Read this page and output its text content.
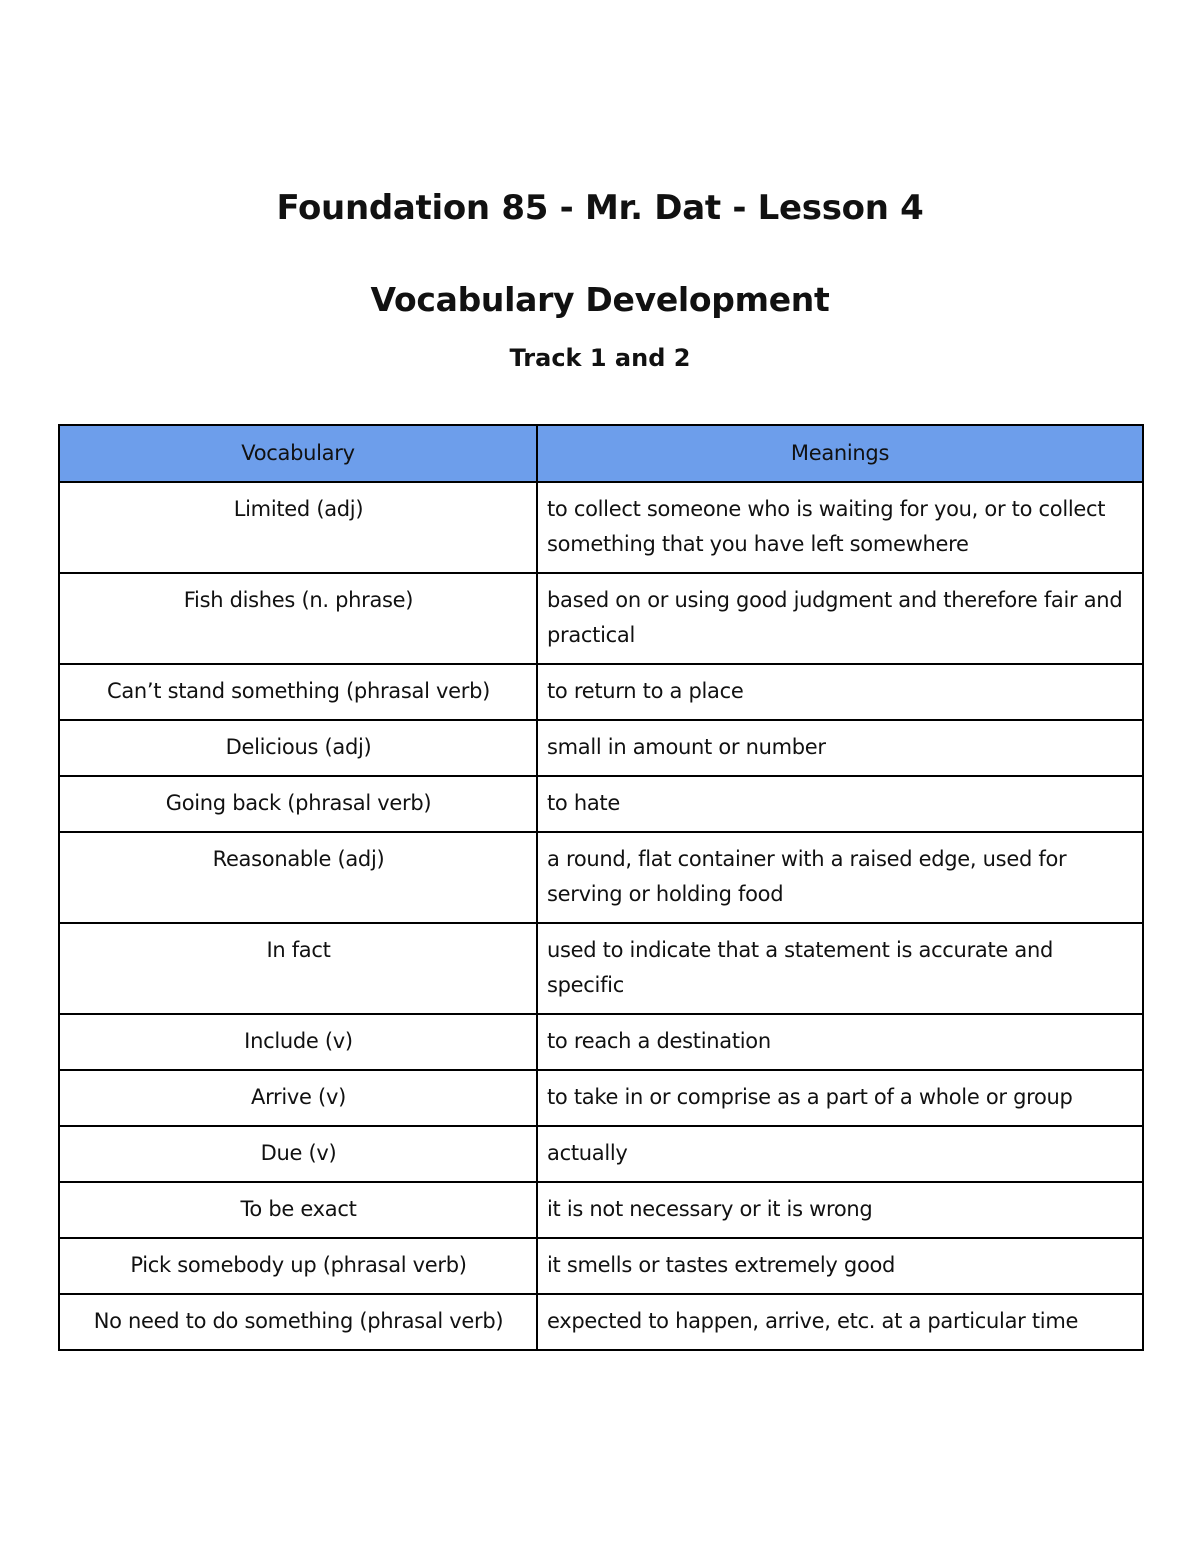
Foundation 85 - Mr. Dat - Lesson 4
Vocabulary Development
Track 1 and 2
Vocabulary	Meanings
Limited (adj)	to collect someone who is waiting for you, or to collect something that you have left somewhere
Fish dishes (n. phrase)	based on or using good judgment and therefore fair and practical
Can’t stand something (phrasal verb)	to return to a place
Delicious (adj)	small in amount or number
Going back (phrasal verb)	to hate
Reasonable (adj)	a round, flat container with a raised edge, used for serving or holding food
In fact	used to indicate that a statement is accurate and specific
Include (v)	to reach a destination
Arrive (v)	to take in or comprise as a part of a whole or group
Due (v)	actually
To be exact	it is not necessary or it is wrong
Pick somebody up (phrasal verb)	it smells or tastes extremely good
No need to do something (phrasal verb)	expected to happen, arrive, etc. at a particular time
